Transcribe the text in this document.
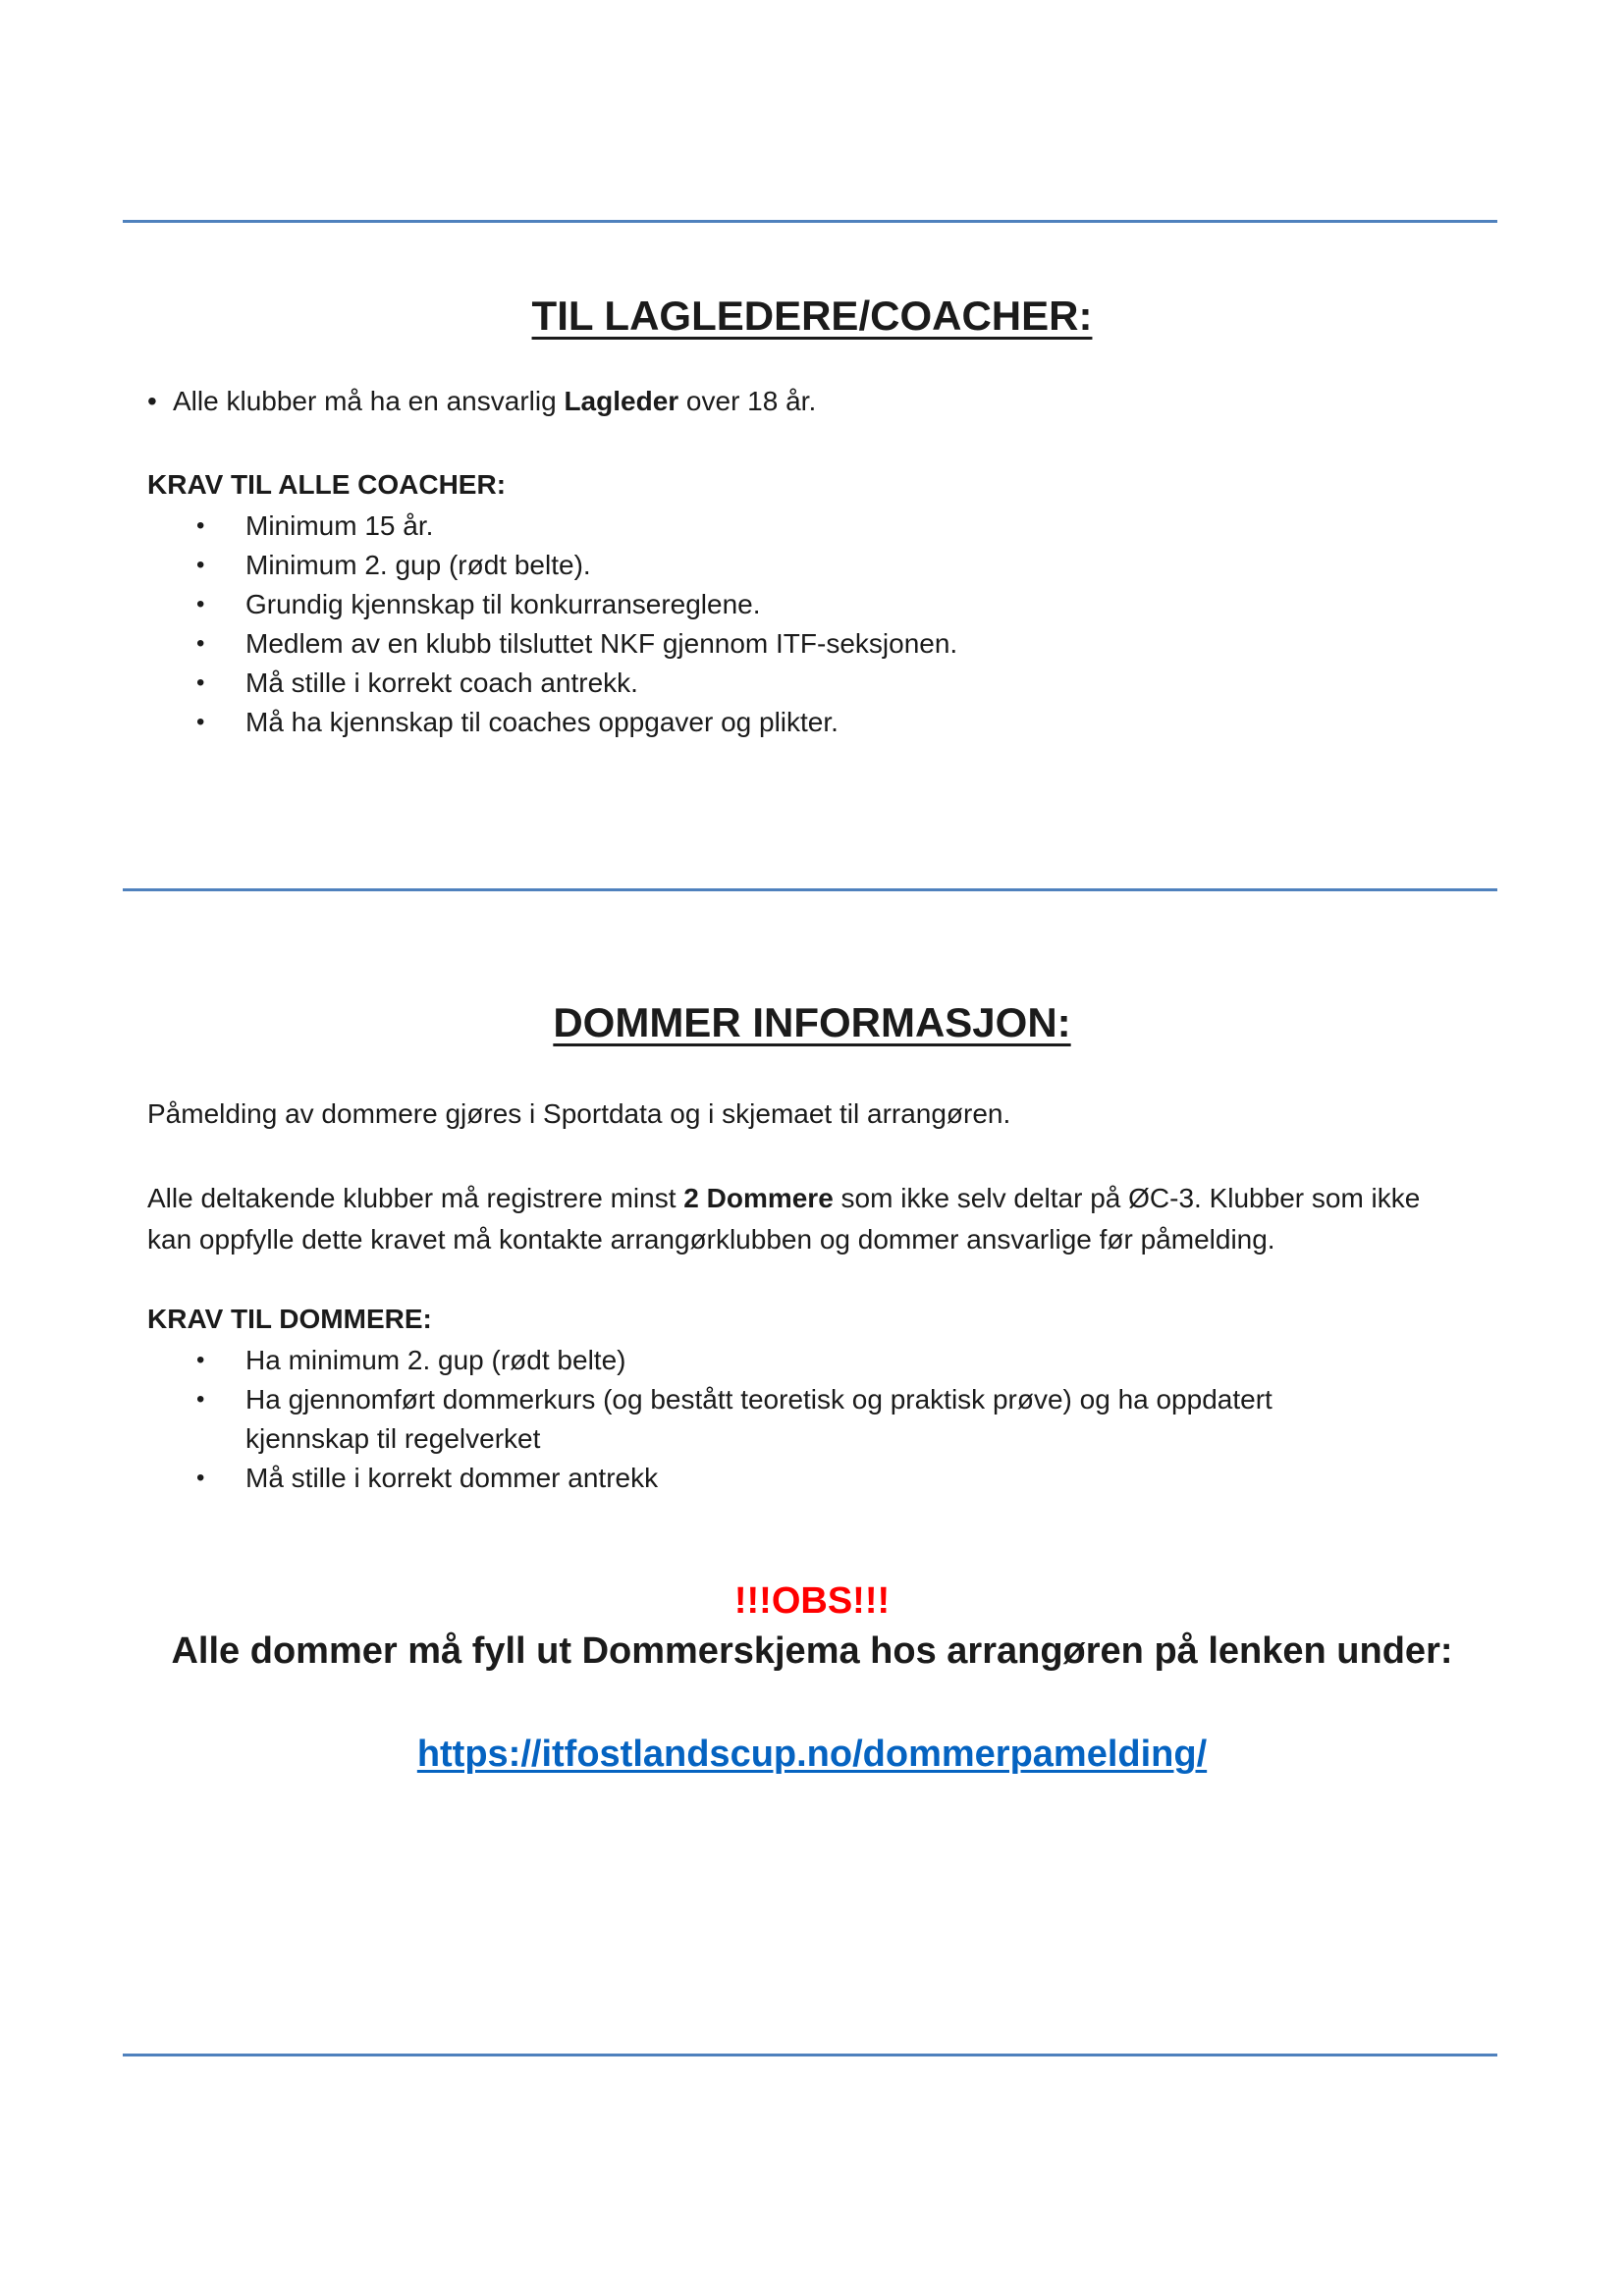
TIL LAGLEDERE/COACHER:
• Alle klubber må ha en ansvarlig Lagleder over 18 år.
KRAV TIL ALLE COACHER:
•	Minimum 15 år.
•	Minimum 2. gup (rødt belte).
•	Grundig kjennskap til konkurransereglene.
•	Medlem av en klubb tilsluttet NKF gjennom ITF-seksjonen.
•	Må stille i korrekt coach antrekk.
•	Må ha kjennskap til coaches oppgaver og plikter.
DOMMER INFORMASJON:

Påmelding av dommere gjøres i Sportdata og i skjemaet til arrangøren.

Alle deltakende klubber må registrere minst 2 Dommere som ikke selv deltar på ØC-3. Klubber som ikke kan oppfylle dette kravet må kontakte arrangørklubben og dommer ansvarlige før påmelding.

KRAV TIL DOMMERE:
•	Ha minimum 2. gup (rødt belte)
•	Ha gjennomført dommerkurs (og bestått teoretisk og praktisk prøve) og ha oppdatert kjennskap til regelverket
•	Må stille i korrekt dommer antrekk
!!!OBS!!!
Alle dommer må fyll ut Dommerskjema hos arrangøren på lenken under:
https://itfostlandscup.no/dommerpamelding/
